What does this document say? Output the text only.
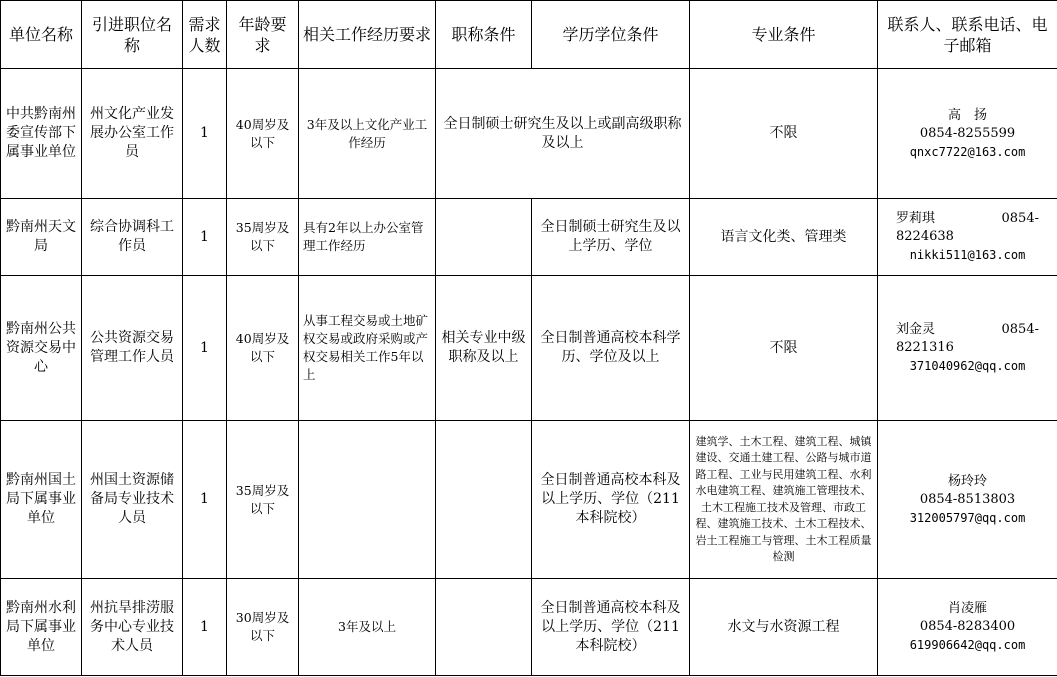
单位名称	引进职位名称	需求人数	年龄要求	相关工作经历要求	职称条件	学历学位条件	专业条件	联系人、联系电话、电子邮箱
中共黔南州委宣传部下属事业单位	州文化产业发展办公室工作员	1	40周岁及以下	3年及以上文化产业工作经历	全日制硕士研究生及以上或副高级职称及以上		不限	高　扬
0854-8255599
qnxc7722@163.com

黔南州天文局	综合协调科工作员	1	35周岁及以下	具有2年以上办公室管理工作经历		全日制硕士研究生及以上学历、学位	语言文化类、管理类	罗莉琪 0854-
8224638
nikki511@163.com

黔南州公共资源交易中心	公共资源交易管理工作人员	1	40周岁及以下	从事工程交易或土地矿权交易或政府采购或产权交易相关工作5年以上	相关专业中级职称及以上	全日制普通高校本科学历、学位及以上	不限	刘金灵 0854-
8221316
371040962@qq.com

黔南州国土局下属事业单位	州国土资源储备局专业技术人员	1	35周岁及以下			全日制普通高校本科及以上学历、学位（211本科院校）	建筑学、土木工程、建筑工程、城镇建设、交通土建工程、公路与城市道路工程、工业与民用建筑工程、水利水电建筑工程、建筑施工管理技术、土木工程施工技术及管理、市政工程、建筑施工技术、土木工程技术、岩土工程施工与管理、土木工程质量检测	杨玲玲
0854-8513803
312005797@qq.com

黔南州水利局下属事业单位	州抗旱排涝服务中心专业技术人员	1	30周岁及以下	3年及以上		全日制普通高校本科及以上学历、学位（211本科院校）	水文与水资源工程	肖凌雁
0854-8283400
619906642@qq.com
